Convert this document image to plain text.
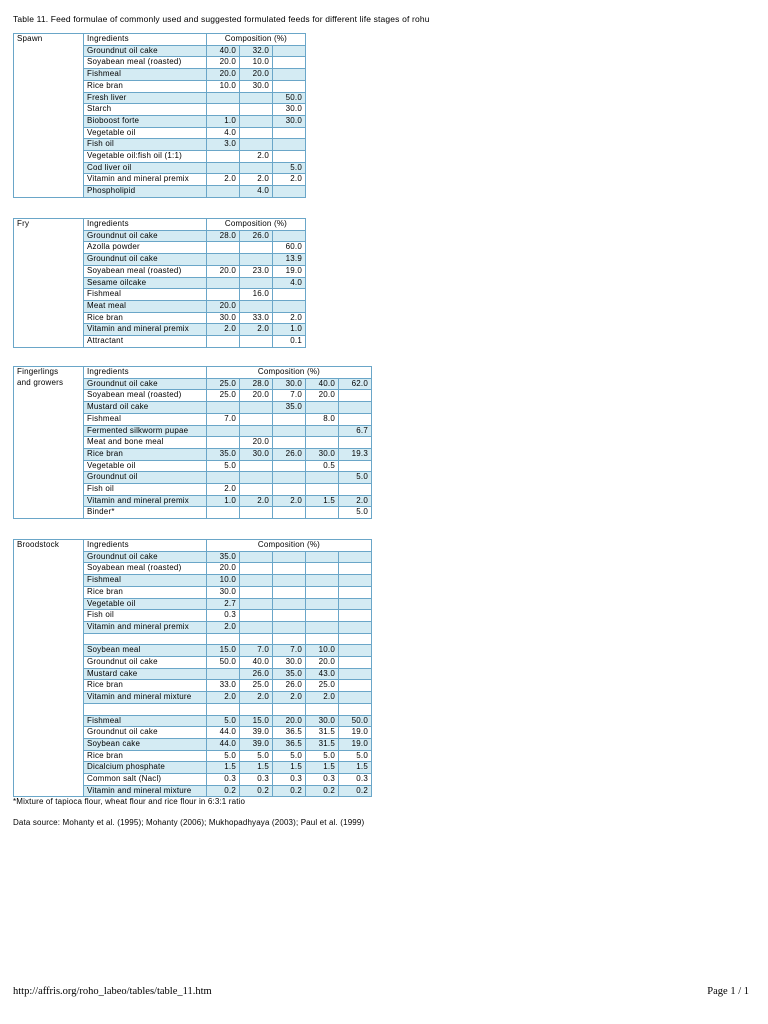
Table 11. Feed formulae of commonly used and suggested formulated feeds for different life stages of rohu
Spawn	Ingredients	Composition (%)		
	Groundnut oil cake	40.0	32.0	
	Soyabean meal (roasted)	20.0	10.0	
	Fishmeal	20.0	20.0	
	Rice bran	10.0	30.0	
	Fresh liver			50.0
	Starch			30.0
	Bioboost forte	1.0		30.0
	Vegetable oil	4.0		
	Fish oil	3.0		
	Vegetable oil:fish oil (1:1)		2.0	
	Cod liver oil			5.0
	Vitamin and mineral premix	2.0	2.0	2.0
	Phospholipid		4.0	
Fry	Ingredients	Composition (%)		
	Groundnut oil cake	28.0	26.0	
	Azolla powder			60.0
	Groundnut oil cake			13.9
	Soyabean meal (roasted)	20.0	23.0	19.0
	Sesame oilcake			4.0
	Fishmeal		16.0	
	Meat meal	20.0		
	Rice bran	30.0	33.0	2.0
	Vitamin and mineral premix	2.0	2.0	1.0
	Attractant			0.1
Fingerlings
and growers	Ingredients	Composition (%)				
	Groundnut oil cake	25.0	28.0	30.0	40.0	62.0
	Soyabean meal (roasted)	25.0	20.0	7.0	20.0	
	Mustard oil cake			35.0		
	Fishmeal	7.0			8.0	
	Fermented silkworm pupae					6.7
	Meat and bone meal		20.0			
	Rice bran	35.0	30.0	26.0	30.0	19.3
	Vegetable oil	5.0			0.5	
	Groundnut oil					5.0
	Fish oil	2.0				
	Vitamin and mineral premix	1.0	2.0	2.0	1.5	2.0
	Binder*					5.0
Broodstock	Ingredients	Composition (%)				
	Groundnut oil cake	35.0				
	Soyabean meal (roasted)	20.0				
	Fishmeal	10.0				
	Rice bran	30.0				
	Vegetable oil	2.7				
	Fish oil	0.3				
	Vitamin and mineral premix	2.0				

	Soybean meal	15.0	7.0	7.0	10.0	
	Groundnut oil cake	50.0	40.0	30.0	20.0	
	Mustard cake		26.0	35.0	43.0	
	Rice bran	33.0	25.0	26.0	25.0	
	Vitamin and mineral mixture	2.0	2.0	2.0	2.0	

	Fishmeal	5.0	15.0	20.0	30.0	50.0
	Groundnut oil cake	44.0	39.0	36.5	31.5	19.0
	Soybean cake	44.0	39.0	36.5	31.5	19.0
	Rice bran	5.0	5.0	5.0	5.0	5.0
	Dicalcium phosphate	1.5	1.5	1.5	1.5	1.5
	Common salt (Nacl)	0.3	0.3	0.3	0.3	0.3
	Vitamin and mineral mixture	0.2	0.2	0.2	0.2	0.2
*Mixture of tapioca flour, wheat flour and rice flour in 6:3:1 ratio
Data source: Mohanty et al. (1995); Mohanty (2006); Mukhopadhyaya (2003); Paul et al. (1999)
http://affris.org/roho_labeo/tables/table_11.htm	Page 1 / 1
